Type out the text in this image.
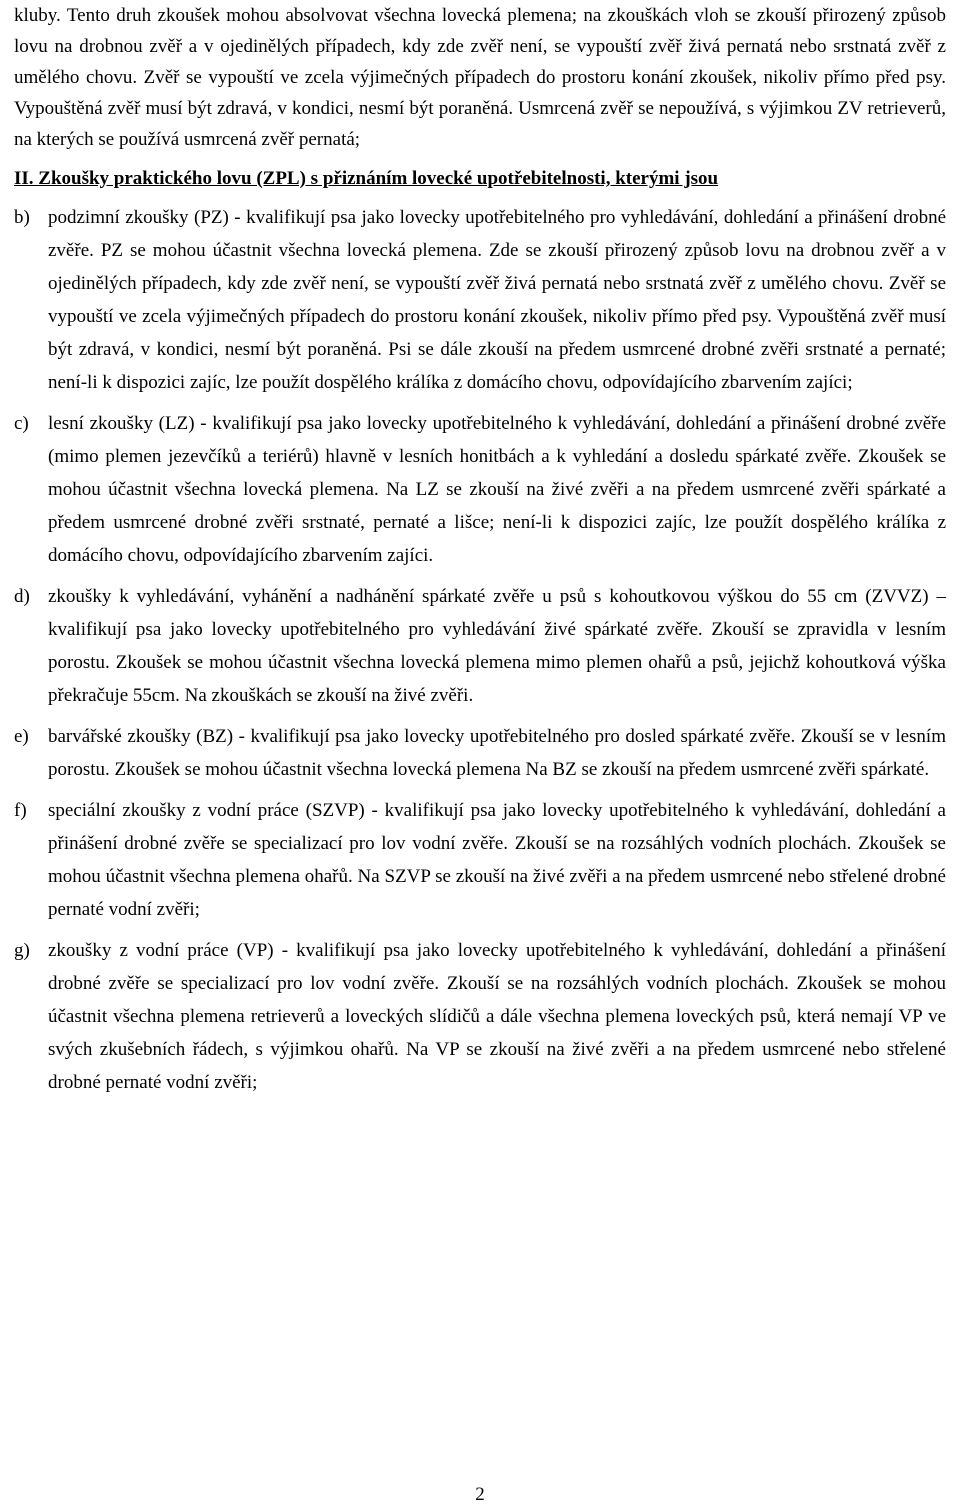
kluby. Tento druh zkoušek mohou absolvovat všechna lovecká plemena; na zkouškách vloh se zkouší přirozený způsob lovu na drobnou zvěř a v ojedinělých případech, kdy zde zvěř není, se vypouští zvěř živá pernatá nebo srstnatá zvěř z umělého chovu. Zvěř se vypouští ve zcela výjimečných případech do prostoru konání zkoušek, nikoliv přímo před psy. Vypouštěná zvěř musí být zdravá, v kondici, nesmí být poraněná. Usmrcená zvěř se nepoužívá, s výjimkou ZV retrieverů, na kterých se používá usmrcená zvěř pernatá;

II. Zkoušky praktického lovu (ZPL) s přiznáním lovecké upotřebitelnosti, kterými jsou
b) podzimní zkoušky (PZ) - kvalifikují psa jako lovecky upotřebitelného pro vyhledávání, dohledání a přinášení drobné zvěře. PZ se mohou účastnit všechna lovecká plemena. Zde se zkouší přirozený způsob lovu na drobnou zvěř a v ojedinělých případech, kdy zde zvěř není, se vypouští zvěř živá pernatá nebo srstnatá zvěř z umělého chovu. Zvěř se vypouští ve zcela výjimečných případech do prostoru konání zkoušek, nikoliv přímo před psy. Vypouštěná zvěř musí být zdravá, v kondici, nesmí být poraněná. Psi se dále zkouší na předem usmrcené drobné zvěři srstnaté a pernaté; není-li k dispozici zajíc, lze použít dospělého králíka z domácího chovu, odpovídajícího zbarvením zajíci;
c) lesní zkoušky (LZ) - kvalifikují psa jako lovecky upotřebitelného k vyhledávání, dohledání a přinášení drobné zvěře (mimo plemen jezevčíků a teriérů) hlavně v lesních honitbách a k vyhledání a dosledu spárkaté zvěře. Zkoušek se mohou účastnit všechna lovecká plemena. Na LZ se zkouší na živé zvěři a na předem usmrcené zvěři spárkaté a předem usmrcené drobné zvěři srstnaté, pernaté a lišce; není-li k dispozici zajíc, lze použít dospělého králíka z domácího chovu, odpovídajícího zbarvením zajíci.
d) zkoušky k vyhledávání, vyhánění a nadhánění spárkaté zvěře u psů s kohoutkovou výškou do 55 cm (ZVVZ) – kvalifikují psa jako lovecky upotřebitelného pro vyhledávání živé spárkaté zvěře. Zkouší se zpravidla v lesním porostu. Zkoušek se mohou účastnit všechna lovecká plemena mimo plemen ohařů a psů, jejichž kohoutková výška překračuje 55cm. Na zkouškách se zkouší na živé zvěři.
e) barvářské zkoušky (BZ) - kvalifikují psa jako lovecky upotřebitelného pro dosled spárkaté zvěře. Zkouší se v lesním porostu. Zkoušek se mohou účastnit všechna lovecká plemena Na BZ se zkouší na předem usmrcené zvěři spárkaté.
f) speciální zkoušky z vodní práce (SZVP) - kvalifikují psa jako lovecky upotřebitelného k vyhledávání, dohledání a přinášení drobné zvěře se specializací pro lov vodní zvěře. Zkouší se na rozsáhlých vodních plochách. Zkoušek se mohou účastnit všechna plemena ohařů. Na SZVP se zkouší na živé zvěři a na předem usmrcené nebo střelené drobné pernaté vodní zvěři;
g) zkoušky z vodní práce (VP) - kvalifikují psa jako lovecky upotřebitelného k vyhledávání, dohledání a přinášení drobné zvěře se specializací pro lov vodní zvěře. Zkouší se na rozsáhlých vodních plochách. Zkoušek se mohou účastnit všechna plemena retrieverů a loveckých slídičů a dále všechna plemena loveckých psů, která nemají VP ve svých zkušebních řádech, s výjimkou ohařů. Na VP se zkouší na živé zvěři a na předem usmrcené nebo střelené drobné pernaté vodní zvěři;
2
